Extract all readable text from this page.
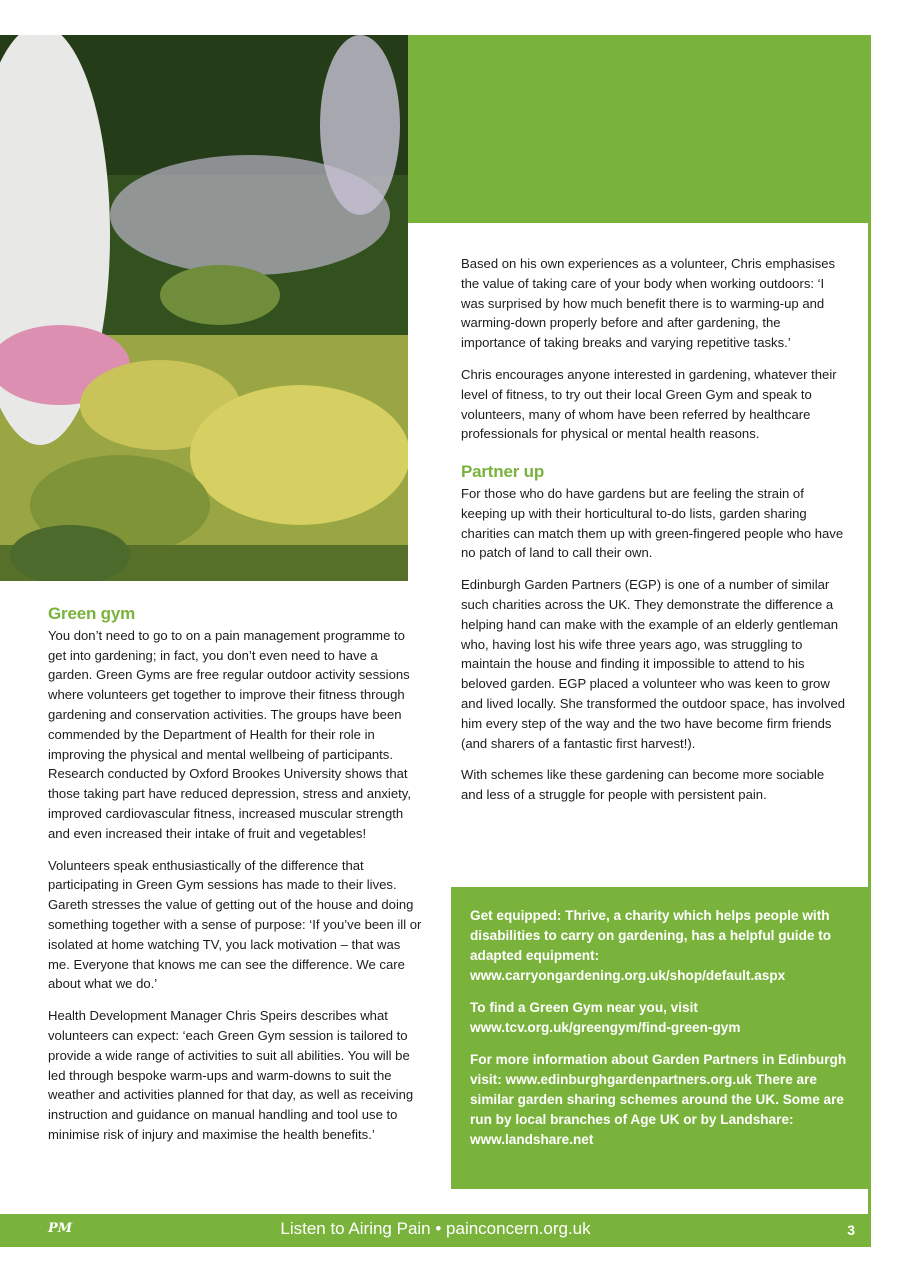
Green gym

You don’t need to go to on a pain management programme to get into gardening; in fact, you don’t even need to have a garden. Green Gyms are free regular outdoor activity sessions where volunteers get together to improve their fitness through gardening and conservation activities. The groups have been commended by the Department of Health for their role in improving the physical and mental wellbeing of participants. Research conducted by Oxford Brookes University shows that those taking part have reduced depression, stress and anxiety, improved cardiovascular fitness, increased muscular strength and even increased their intake of fruit and vegetables!

Volunteers speak enthusiastically of the difference that participating in Green Gym sessions has made to their lives. Gareth stresses the value of getting out of the house and doing something together with a sense of purpose: ‘If you’ve been ill or isolated at home watching TV, you lack motivation – that was me. Everyone that knows me can see the difference. We care about what we do.’

Health Development Manager Chris Speirs describes what volunteers can expect: ‘each Green Gym session is tailored to provide a wide range of activities to suit all abilities. You will be led through bespoke warm-ups and warm-downs to suit the weather and activities planned for that day, as well as receiving instruction and guidance on manual handling and tool use to minimise risk of injury and maximise the health benefits.’

Based on his own experiences as a volunteer, Chris emphasises the value of taking care of your body when working outdoors: ‘I was surprised by how much benefit there is to warming-up and warming-down properly before and after gardening, the importance of taking breaks and varying repetitive tasks.’

Chris encourages anyone interested in gardening, whatever their level of fitness, to try out their local Green Gym and speak to volunteers, many of whom have been referred by healthcare professionals for physical or mental health reasons.

Partner up

For those who do have gardens but are feeling the strain of keeping up with their horticultural to-do lists, garden sharing charities can match them up with green-fingered people who have no patch of land to call their own.

Edinburgh Garden Partners (EGP) is one of a number of similar such charities across the UK. They demonstrate the difference a helping hand can make with the example of an elderly gentleman who, having lost his wife three years ago, was struggling to maintain the house and finding it impossible to attend to his beloved garden. EGP placed a volunteer who was keen to grow and lived locally. She transformed the outdoor space, has involved him every step of the way and the two have become firm friends (and sharers of a fantastic first harvest!).

With schemes like these gardening can become more sociable and less of a struggle for people with persistent pain.

Get equipped: Thrive, a charity which helps people with disabilities to carry on gardening, has a helpful guide to adapted equipment: www.carryongardening.org.uk/shop/default.aspx

To find a Green Gym near you, visit www.tcv.org.uk/greengym/find-green-gym

For more information about Garden Partners in Edinburgh visit: www.edinburghgardenpartners.org.uk There are similar garden sharing schemes around the UK. Some are run by local branches of Age UK or by Landshare: www.landshare.net

PM	Listen to Airing Pain • painconcern.org.uk	3
